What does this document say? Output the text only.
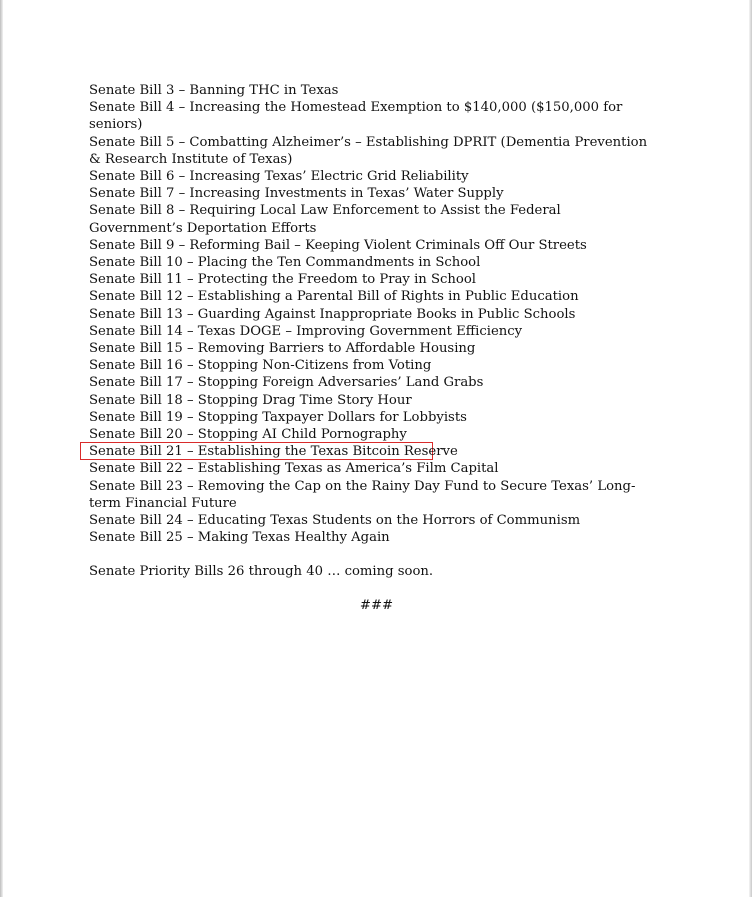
Senate Bill 3 – Banning THC in Texas
Senate Bill 4 – Increasing the Homestead Exemption to $140,000 ($150,000 for seniors)
Senate Bill 5 – Combatting Alzheimer’s – Establishing DPRIT (Dementia Prevention & Research Institute of Texas)
Senate Bill 6 – Increasing Texas’ Electric Grid Reliability
Senate Bill 7 – Increasing Investments in Texas’ Water Supply
Senate Bill 8 – Requiring Local Law Enforcement to Assist the Federal Government’s Deportation Efforts
Senate Bill 9 – Reforming Bail – Keeping Violent Criminals Off Our Streets
Senate Bill 10 – Placing the Ten Commandments in School
Senate Bill 11 – Protecting the Freedom to Pray in School
Senate Bill 12 – Establishing a Parental Bill of Rights in Public Education
Senate Bill 13 – Guarding Against Inappropriate Books in Public Schools
Senate Bill 14 – Texas DOGE – Improving Government Efficiency
Senate Bill 15 – Removing Barriers to Affordable Housing
Senate Bill 16 – Stopping Non-Citizens from Voting
Senate Bill 17 – Stopping Foreign Adversaries’ Land Grabs
Senate Bill 18 – Stopping Drag Time Story Hour
Senate Bill 19 – Stopping Taxpayer Dollars for Lobbyists
Senate Bill 20 – Stopping AI Child Pornography
Senate Bill 21 – Establishing the Texas Bitcoin Reserve
Senate Bill 22 – Establishing Texas as America’s Film Capital
Senate Bill 23 – Removing the Cap on the Rainy Day Fund to Secure Texas’ Long-term Financial Future
Senate Bill 24 – Educating Texas Students on the Horrors of Communism
Senate Bill 25 – Making Texas Healthy Again
Senate Priority Bills 26 through 40 … coming soon.
###
